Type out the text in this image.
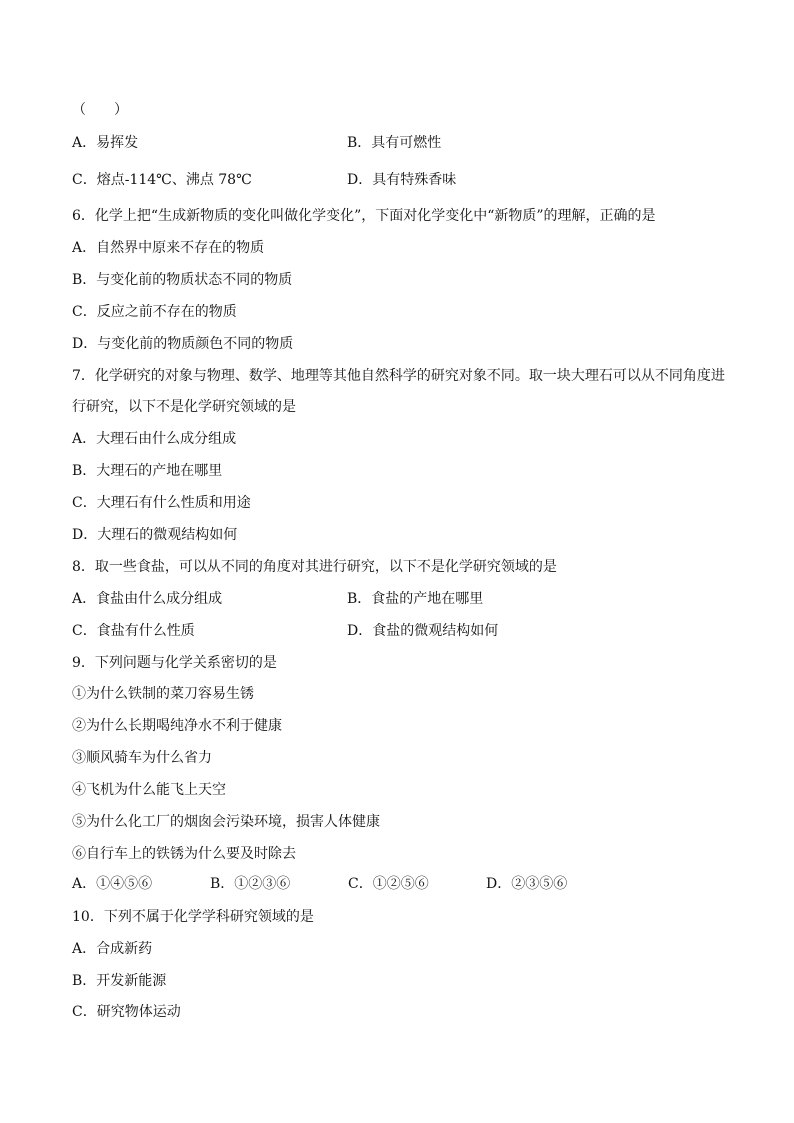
（　　）
A．易挥发	B．具有可燃性
C．熔点-114℃、沸点 78℃	D．具有特殊香味
6．化学上把“生成新物质的变化叫做化学变化”，下面对化学变化中“新物质”的理解，正确的是
A．自然界中原来不存在的物质
B．与变化前的物质状态不同的物质
C．反应之前不存在的物质
D．与变化前的物质颜色不同的物质
7．化学研究的对象与物理、数学、地理等其他自然科学的研究对象不同。取一块大理石可以从不同角度进
行研究，以下不是化学研究领域的是
A．大理石由什么成分组成
B．大理石的产地在哪里
C．大理石有什么性质和用途
D．大理石的微观结构如何
8．取一些食盐，可以从不同的角度对其进行研究，以下不是化学研究领域的是
A．食盐由什么成分组成	B．食盐的产地在哪里
C．食盐有什么性质	D．食盐的微观结构如何
9．下列问题与化学关系密切的是
①为什么铁制的菜刀容易生锈
②为什么长期喝纯净水不利于健康
③顺风骑车为什么省力
④飞机为什么能飞上天空
⑤为什么化工厂的烟囱会污染环境，损害人体健康
⑥自行车上的铁锈为什么要及时除去
A．①④⑤⑥	B．①②③⑥	C．①②⑤⑥	D．②③⑤⑥
10．下列不属于化学学科研究领域的是
A．合成新药
B．开发新能源
C．研究物体运动
